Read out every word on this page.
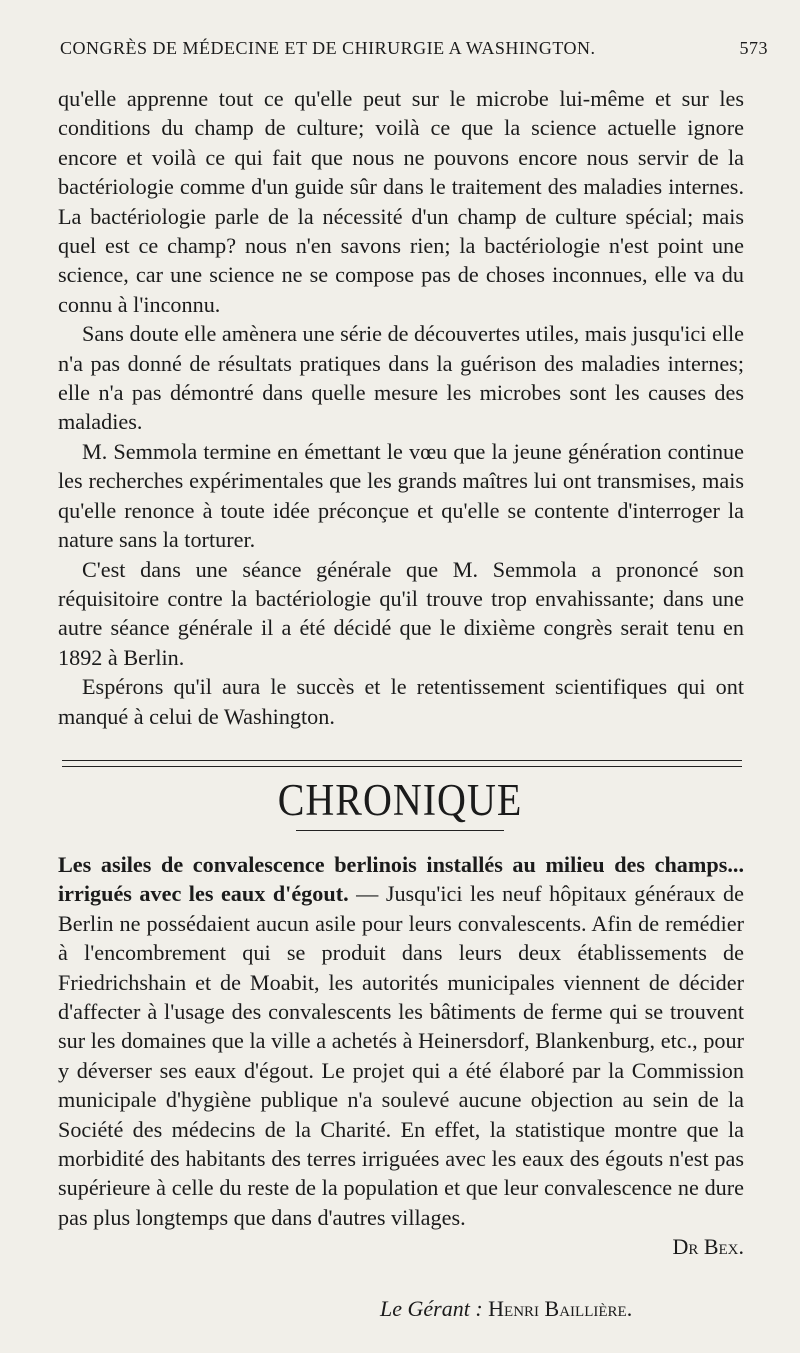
CONGRÈS DE MÉDECINE ET DE CHIRURGIE A WASHINGTON.	573

qu'elle apprenne tout ce qu'elle peut sur le microbe lui-même et sur les conditions du champ de culture; voilà ce que la science actuelle ignore encore et voilà ce qui fait que nous ne pouvons encore nous servir de la bactériologie comme d'un guide sûr dans le traitement des maladies internes. La bactériologie parle de la nécessité d'un champ de culture spécial; mais quel est ce champ? nous n'en savons rien; la bactériologie n'est point une science, car une science ne se compose pas de choses inconnues, elle va du connu à l'inconnu.

Sans doute elle amènera une série de découvertes utiles, mais jusqu'ici elle n'a pas donné de résultats pratiques dans la guérison des maladies internes; elle n'a pas démontré dans quelle mesure les microbes sont les causes des maladies.

M. Semmola termine en émettant le vœu que la jeune génération continue les recherches expérimentales que les grands maîtres lui ont transmises, mais qu'elle renonce à toute idée préconçue et qu'elle se contente d'interroger la nature sans la torturer.

C'est dans une séance générale que M. Semmola a prononcé son réquisitoire contre la bactériologie qu'il trouve trop envahissante; dans une autre séance générale il a été décidé que le dixième congrès serait tenu en 1892 à Berlin.

Espérons qu'il aura le succès et le retentissement scientifiques qui ont manqué à celui de Washington.

CHRONIQUE
Les asiles de convalescence berlinois installés au milieu des champs... irrigués avec les eaux d'égout. — Jusqu'ici les neuf hôpitaux généraux de Berlin ne possédaient aucun asile pour leurs convalescents. Afin de remédier à l'encombrement qui se produit dans leurs deux établissements de Friedrichshain et de Moabit, les autorités municipales viennent de décider d'affecter à l'usage des convalescents les bâtiments de ferme qui se trouvent sur les domaines que la ville a achetés à Heinersdorf, Blankenburg, etc., pour y déverser ses eaux d'égout. Le projet qui a été élaboré par la Commission municipale d'hygiène publique n'a soulevé aucune objection au sein de la Société des médecins de la Charité. En effet, la statistique montre que la morbidité des habitants des terres irriguées avec les eaux des égouts n'est pas supérieure à celle du reste de la population et que leur convalescence ne dure pas plus longtemps que dans d'autres villages.
Dr Bex.
Le Gérant : Henri Baillière.
